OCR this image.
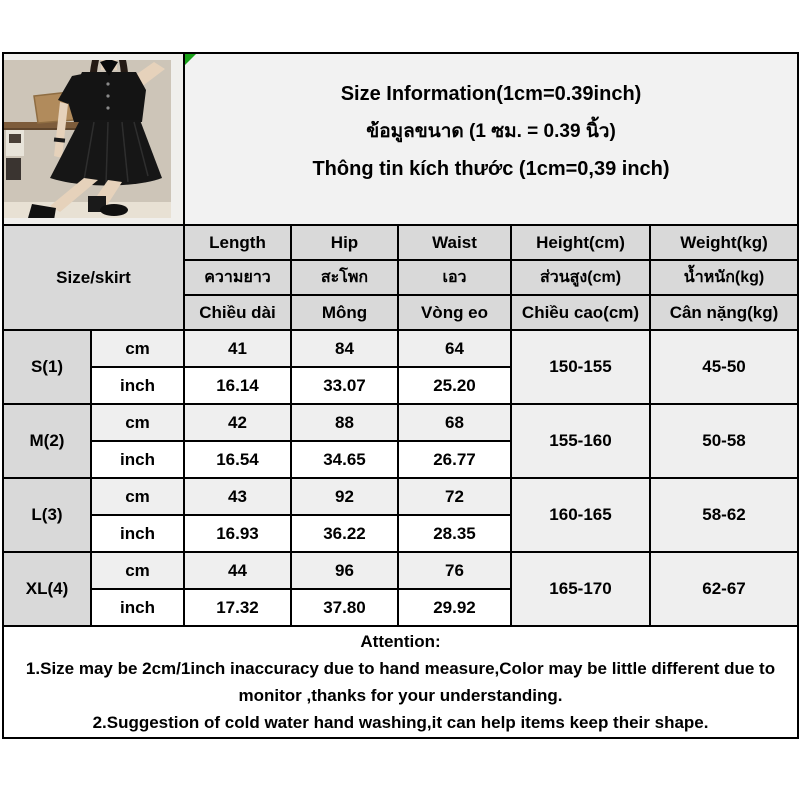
Size Information(1cm=0.39inch)
ข้อมูลขนาด (1 ซม. = 0.39 นิ้ว)
Thông tin kích thước (1cm=0,39 inch)				

Size/skirt		Length	Hip	Waist	Height(cm)	Weight(kg)
		ความยาว	สะโพก	เอว	ส่วนสูง(cm)	น้ำหนัก(kg)
		Chiều dài	Mông	Vòng eo	Chiều cao(cm)	Cân nặng(kg)
S(1)	cm	41	84	64	150-155	45-50
	inch	16.14	33.07	25.20		
M(2)	cm	42	88	68	155-160	50-58
	inch	16.54	34.65	26.77		
L(3)	cm	43	92	72	160-165	58-62
	inch	16.93	36.22	28.35		
XL(4)	cm	44	96	76	165-170	62-67
	inch	17.32	37.80	29.92		

Attention:
1.Size may be 2cm/1inch inaccuracy due to hand measure,Color may be little different due to monitor ,thanks for your understanding.
2.Suggestion of cold water hand washing,it can help items keep their shape.						
